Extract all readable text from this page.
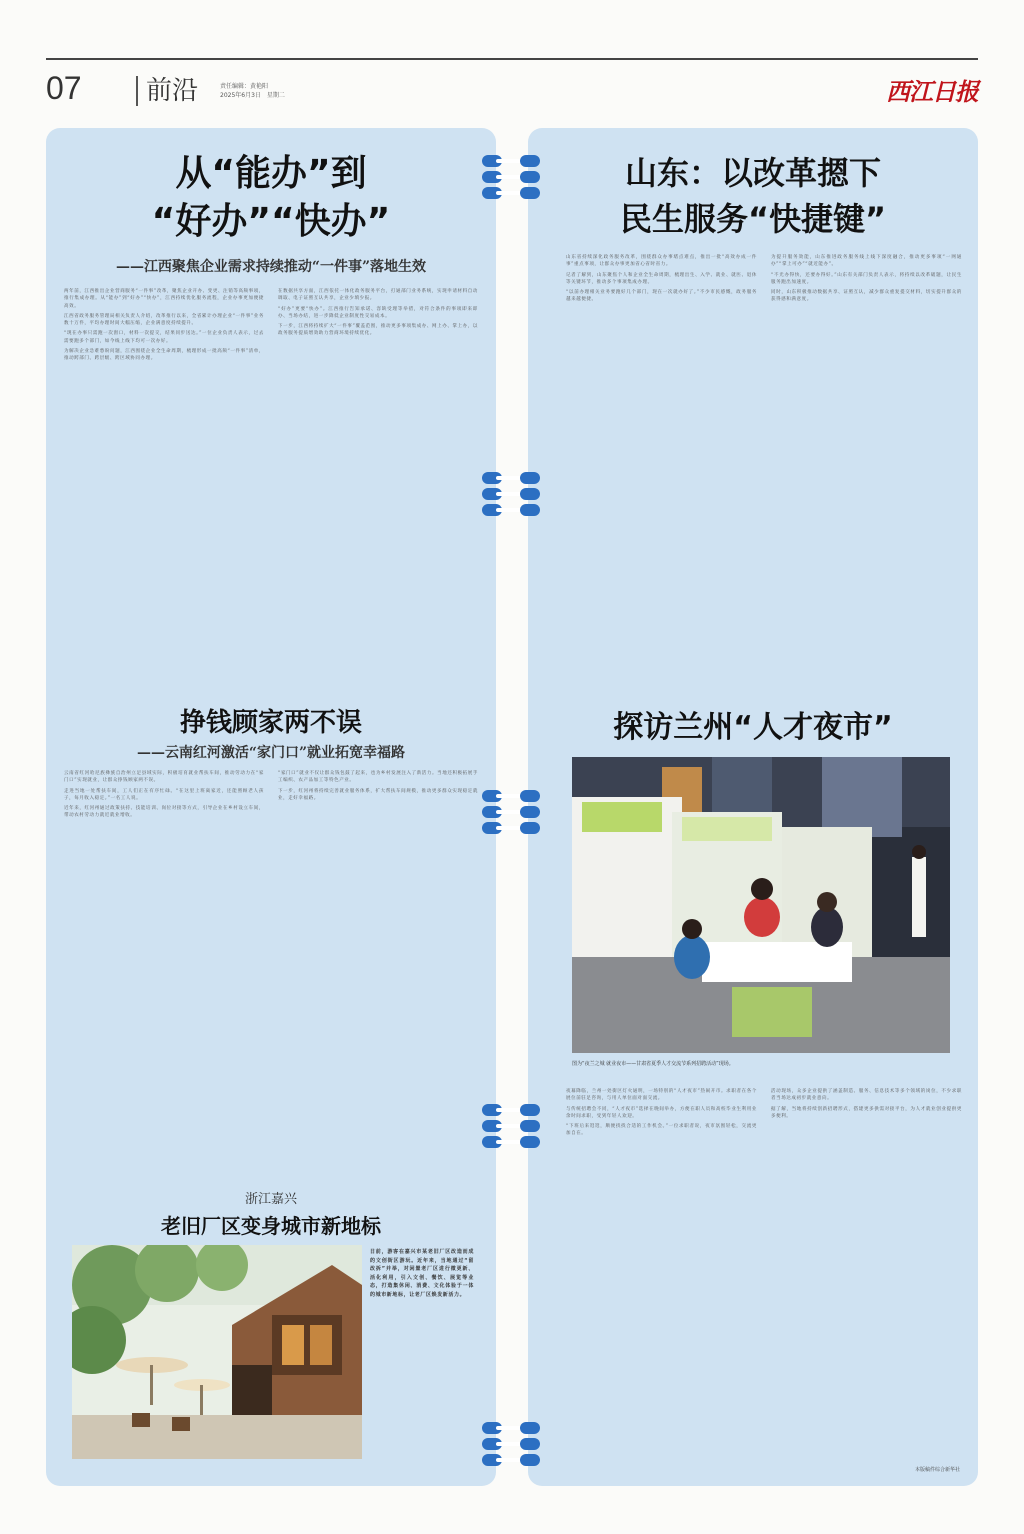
07 前沿	责任编辑：黄艳阳
2025年6月3日　星期二	西江日报
从“能办”到
“好办”“快办”
——江西聚焦企业需求持续推动“一件事”落地生效

两年前，江西推出企业营商服务“一件事”改革，聚焦企业开办、变更、注销等高频事项，推行集成办理。从“能办”到“好办”“快办”，江西持续优化服务流程，企业办事更加便捷高效。

江西省政务服务管理局相关负责人介绍，改革推行以来，全省累计办理企业“一件事”业务数十万件，平均办理时间大幅压缩，企业满意度持续提升。

“现在办事只需跑一次窗口，材料一次提交，结果同步送达。”一位企业负责人表示，过去需要跑多个部门，如今线上线下均可一次办好。

为解决企业急难愁盼问题，江西围绕企业全生命周期，梳理形成一批高频“一件事”清单，推动跨部门、跨层级、跨区域协同办理。

在数据共享方面，江西依托一体化政务服务平台，打通部门业务系统，实现申请材料自动调取、电子证照互认共享，企业少填少报。

“好办”更要“快办”。江西推行告知承诺、容缺受理等举措，对符合条件的事项即来即办、当场办结，进一步降低企业制度性交易成本。

下一步，江西将持续扩大“一件事”覆盖范围，推动更多事项集成办、网上办、掌上办，以政务服务提质增效助力营商环境持续优化。

挣钱顾家两不误
——云南红河激活“家门口”就业拓宽幸福路

云南省红河哈尼族彝族自治州立足县域实际，积极培育就业帮扶车间，推动劳动力在“家门口”实现就业，让群众挣钱顾家两不误。

走进当地一处帮扶车间，工人们正在有序忙碌。“在这里上班离家近，还能照顾老人孩子，每月收入稳定。”一名工人说。

近年来，红河州通过政策扶持、技能培训、岗位对接等方式，引导企业在乡村设立车间，带动农村劳动力就近就业增收。

“家门口”就业不仅让群众钱包鼓了起来，也为乡村发展注入了新活力。当地还积极拓展手工编织、农产品加工等特色产业。

下一步，红河州将持续完善就业服务体系，扩大帮扶车间规模，推动更多群众实现稳定就业，走好幸福路。

浙江嘉兴
老旧厂区变身城市新地标
日前，游客在嘉兴市某老旧厂区改造而成的文创街区游玩。近年来，当地通过“留改拆”并举，对闲置老厂区进行微更新、活化利用，引入文创、餐饮、展览等业态，打造集休闲、消费、文化体验于一体的城市新地标，让老厂区焕发新活力。
山东：以改革摁下
民生服务“快捷键”

山东省持续深化政务服务改革，围绕群众办事堵点难点，推出一批“高效办成一件事”重点事项，让群众办事更加省心省时省力。

记者了解到，山东聚焦个人和企业全生命周期，梳理出生、入学、就业、就医、退休等关键环节，推动多个事项集成办理。

“以前办理相关业务要跑好几个部门，现在一次就办好了。”不少市民感慨，政务服务越来越便捷。

为提升服务效能，山东推进政务服务线上线下深度融合，推动更多事项“一网通办”“掌上可办”“就近能办”。

“不光办得快，还要办得好。”山东有关部门负责人表示，将持续以改革破题，让民生服务跑出加速度。

同时，山东积极推动数据共享、证照互认，减少群众重复提交材料，切实提升群众的获得感和满意度。

探访兰州“人才夜市”
图为“夜兰之城 就业夜市——甘肃省夏季人才交流节系列招聘活动”现场。

夜幕降临，兰州一处街区灯火通明，一场特别的“人才夜市”热闹开市。求职者在各个展位前驻足咨询，与用人单位面对面交流。

与传统招聘会不同，“人才夜市”选择在晚间举办，方便在职人员和高校毕业生利用业余时间求职，受到年轻人欢迎。

“下班后来逛逛，顺便找找合适的工作机会。”一位求职者说，夜市氛围轻松，交流更加自在。

活动现场，众多企业提供了涵盖制造、服务、信息技术等多个领域的岗位，不少求职者当场达成初步就业意向。

据了解，当地将持续创新招聘形式，搭建更多供需对接平台，为人才就业创业提供更多便利。

本版稿件综合新华社
